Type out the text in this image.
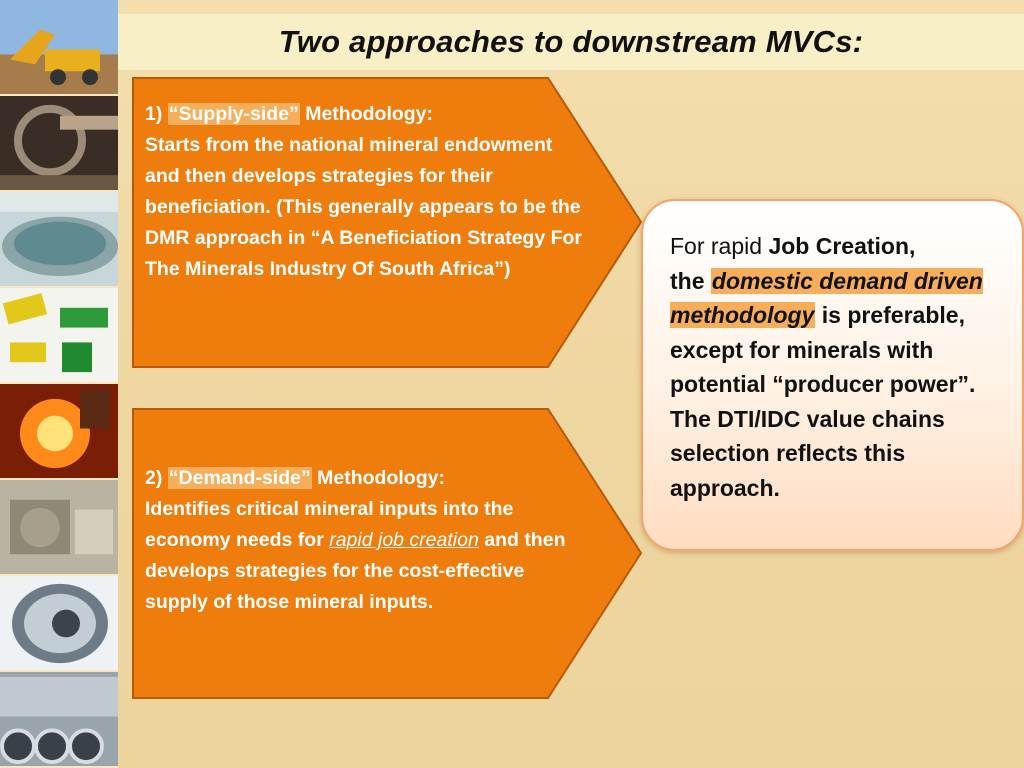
Two approaches to downstream MVCs:
1) “Supply-side” Methodology:
Starts from the national mineral endowment and then develops strategies for their beneficiation. (This generally appears to be the DMR approach in “A Beneficiation Strategy For The Minerals Industry Of South Africa”)
2) “Demand-side” Methodology:
Identifies critical mineral inputs into the economy needs for rapid job creation and then develops strategies for the cost-effective supply of those mineral inputs.
For rapid Job Creation,
the domestic demand driven methodology is preferable, except for minerals with potential “producer power”. The DTI/IDC value chains selection reflects this approach.
